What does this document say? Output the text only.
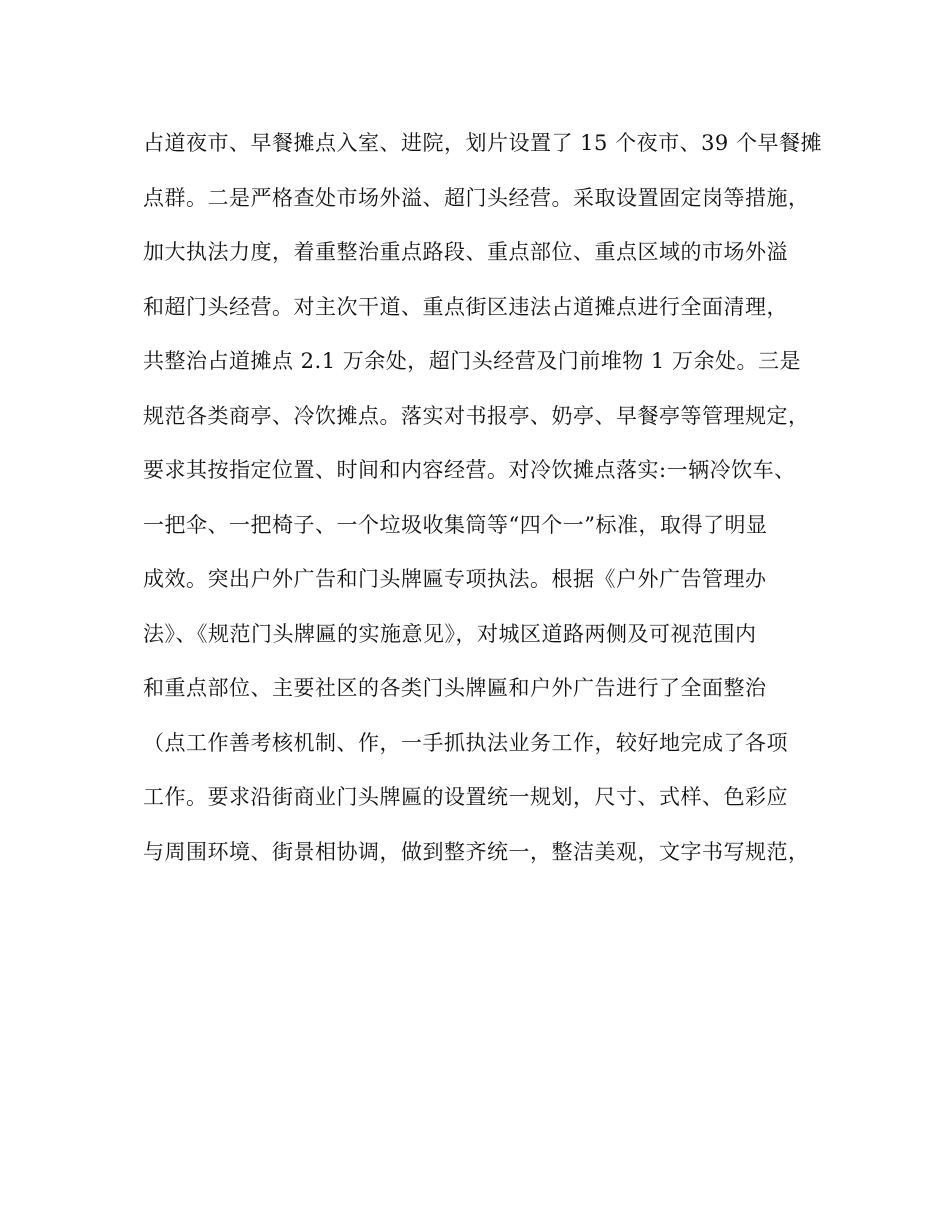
占道夜市、早餐摊点入室、进院，划片设置了 15 个夜市、39 个早餐摊
点群。二是严格查处市场外溢、超门头经营。采取设置固定岗等措施，
加大执法力度，着重整治重点路段、重点部位、重点区域的市场外溢
和超门头经营。对主次干道、重点街区违法占道摊点进行全面清理，
共整治占道摊点 2.1 万余处，超门头经营及门前堆物 1 万余处。三是
规范各类商亭、冷饮摊点。落实对书报亭、奶亭、早餐亭等管理规定，
要求其按指定位置、时间和内容经营。对冷饮摊点落实:一辆冷饮车、
一把伞、一把椅子、一个垃圾收集筒等“四个一”标准，取得了明显
成效。突出户外广告和门头牌匾专项执法。根据《户外广告管理办
法》、《规范门头牌匾的实施意见》，对城区道路两侧及可视范围内
和重点部位、主要社区的各类门头牌匾和户外广告进行了全面整治
（点工作善考核机制、作，一手抓执法业务工作，较好地完成了各项
工作。要求沿街商业门头牌匾的设置统一规划，尺寸、式样、色彩应
与周围环境、街景相协调，做到整齐统一，整洁美观，文字书写规范，
